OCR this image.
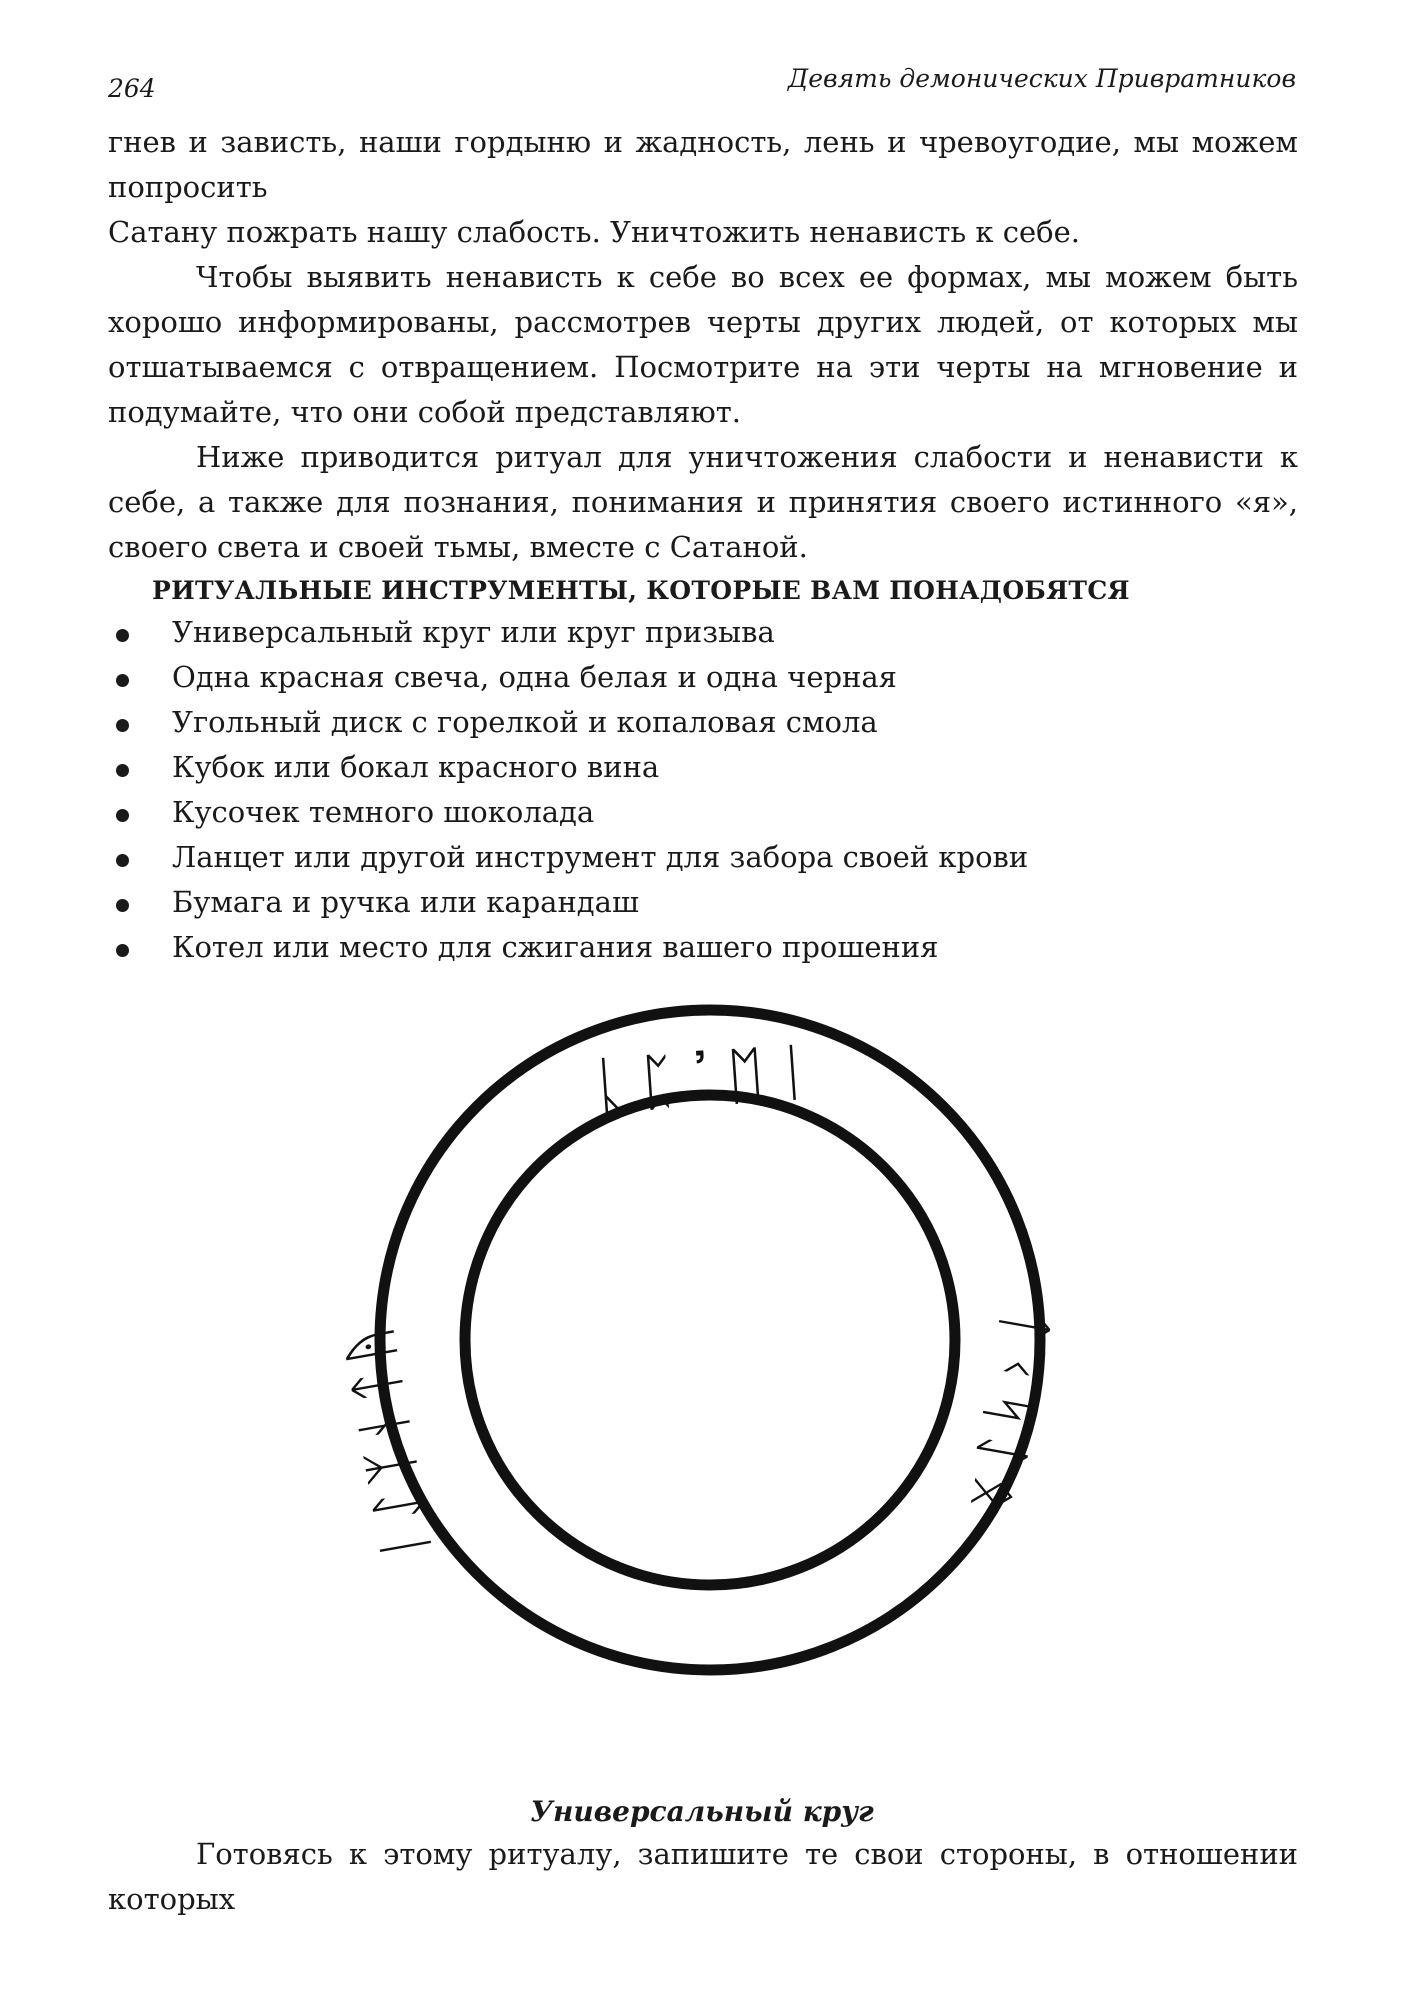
264	Девять демонических Привратников
гнев и зависть, наши гордыню и жадность, лень и чревоугодие, мы можем попросить
Сатану пожрать нашу слабость. Уничтожить ненависть к себе.

Чтобы выявить ненависть к себе во всех ее формах, мы можем быть хорошо информированы, рассмотрев черты других людей, от которых мы отшатываемся с отвращением. Посмотрите на эти черты на мгновение и подумайте, что они собой представляют.

Ниже приводится ритуал для уничтожения слабости и ненависти к себе, а также для познания, понимания и принятия своего истинного «я», своего света и своей тьмы, вместе с Сатаной.

РИТУАЛЬНЫЕ ИНСТРУМЕНТЫ, КОТОРЫЕ ВАМ ПОНАДОБЯТСЯ
Универсальный круг или круг призыва
Одна красная свеча, одна белая и одна черная
Угольный диск с горелкой и копаловая смола
Кубок или бокал красного вина
Кусочек темного шоколада
Ланцет или другой инструмент для забора своей крови
Бумага и ручка или карандаш
Котел или место для сжигания вашего прошения
ᚳᛈ᾽ᛖᛁ
ᛁᛇᛉᚾᛏᚤ	ᛏᚲᛋᛇᛟ
Универсальный круг

Готовясь к этому ритуалу, запишите те свои стороны, в отношении которых
